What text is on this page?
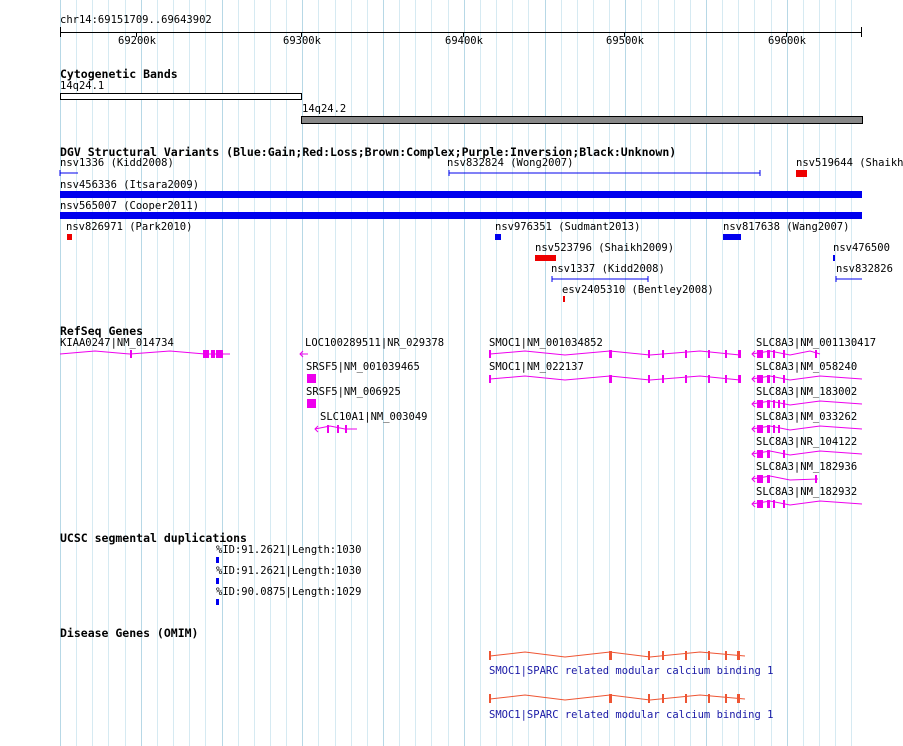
chr14:69151709..69643902
69200k	69300k	69400k	69500k	69600k
Cytogenetic Bands
14q24.1
14q24.2
DGV Structural Variants (Blue:Gain;Red:Loss;Brown:Complex;Purple:Inversion;Black:Unknown)
nsv1336 (Kidd2008)	nsv832824 (Wong2007)	nsv519644 (Shaikh
nsv456336 (Itsara2009)
nsv565007 (Cooper2011)
nsv826971 (Park2010)	nsv976351 (Sudmant2013)	nsv817638 (Wang2007)
nsv523796 (Shaikh2009)	nsv476500
nsv1337 (Kidd2008)	nsv832826
esv2405310 (Bentley2008)
RefSeq Genes
KIAA0247|NM_014734	LOC100289511|NR_029378	SMOC1|NM_001034852	SLC8A3|NM_001130417
SRSF5|NM_001039465	SMOC1|NM_022137	SLC8A3|NM_058240
SRSF5|NM_006925	SLC8A3|NM_183002
SLC10A1|NM_003049	SLC8A3|NM_033262
SLC8A3|NR_104122
SLC8A3|NM_182936
SLC8A3|NM_182932
UCSC segmental duplications
%ID:91.2621|Length:1030
%ID:91.2621|Length:1030
%ID:90.0875|Length:1029
Disease Genes (OMIM)
SMOC1|SPARC related modular calcium binding 1
SMOC1|SPARC related modular calcium binding 1
